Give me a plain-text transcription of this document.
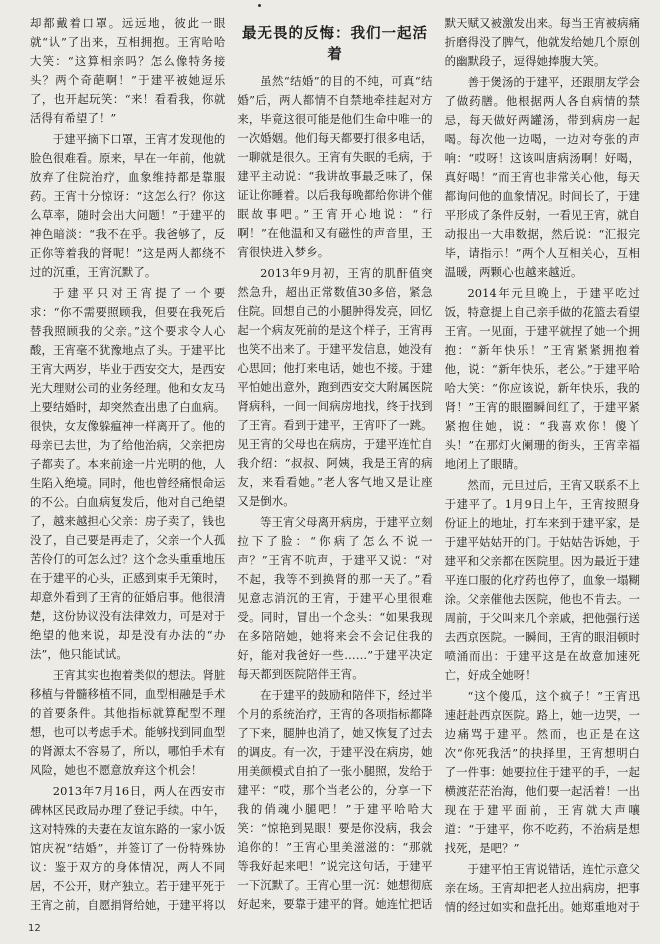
却都戴着口罩。远远地，彼此一眼就“认”了出来，互相拥抱。王宵哈哈大笑：“这算相亲吗？怎么像特务接头？两个奇葩啊！”于建平被她逗乐了，也开起玩笑：“来！看看我，你就活得有希望了！”

于建平摘下口罩，王宵才发现他的脸色很难看。原来，早在一年前，他就放弃了住院治疗，血象维持都是靠服药。王宵十分惊讶：“这怎么行？你这么草率，随时会出大问题！”于建平的神色暗淡：“我不在乎。我爸够了，反正你等着我的肾呢！”这是两人都绕不过的沉重，王宵沉默了。

于建平只对王宵提了一个要求：“你不需要照顾我，但要在我死后替我照顾我的父亲。”这个要求令人心酸，王宵毫不犹豫地点了头。于建平比王宵大两岁，毕业于西安交大，是西安光大理财公司的业务经理。他和女友马上要结婚时，却突然查出患了白血病。很快，女友像躲瘟神一样离开了。他的母亲已去世，为了给他治病，父亲把房子都卖了。本来前途一片光明的他，人生陷入绝境。同时，他也曾经痛恨命运的不公。白血病复发后，他对自己绝望了，越来越担心父亲：房子卖了，钱也没了，自己要是再走了，父亲一个人孤苦伶仃的可怎么过？这个念头重重地压在于建平的心头，正感到束手无策时，却意外看到了王宵的征婚启事。他很清楚，这份协议没有法律效力，可是对于绝望的他来说，却是没有办法的“办法”，他只能试试。

王宵其实也抱着类似的想法。肾脏移植与骨髓移植不同，血型相融是手术的首要条件。其他指标就算配型不理想，也可以考虑手术。能够找到同血型的肾源太不容易了，所以，哪怕手术有风险，她也不愿意放弃这个机会！

2013年7月16日，两人在西安市碑林区民政局办理了登记手续。中午，这对特殊的夫妻在友谊东路的一家小饭馆庆祝“结婚”，并签订了一份特殊协议：鉴于双方的身体情况，两人不同居，不公开，财产独立。若于建平死于王宵之前，自愿捐肾给她，于建平将以

最无畏的反悔：我们一起活着

虽然“结婚”的目的不纯，可真“结婚”后，两人都情不自禁地牵挂起对方来，毕竟这很可能是他们生命中唯一的一次婚姻。他们每天都要打很多电话，一聊就是很久。王宵有失眠的毛病，于建平主动说：“我讲故事最乏味了，保证让你睡着。以后我每晚都给你讲个催眠故事吧。”王宵开心地说：“行啊！”在他温和又有磁性的声音里，王宵很快进入梦乡。

2013年9月初，王宵的肌酐值突然急升，超出正常数值30多倍，紧急住院。回想自己的小腿肿得发亮，回忆起一个病友死前的是这个样子，王宵再也笑不出来了。于建平发信息，她没有心思回；他打来电话，她也不接。于建平怕她出意外，跑到西安交大附属医院肾病科，一间一间病房地找，终于找到了王宵。看到于建平，王宵吓了一跳。见王宵的父母也在病房，于建平连忙自我介绍：“叔叔、阿姨，我是王宵的病友，来看看她。”老人客气地又是让座又是倒水。

等王宵父母离开病房，于建平立刻拉下了脸：“你病了怎么不说一声？”王宵不吭声，于建平又说：“对不起，我等不到换肾的那一天了。”看见意志消沉的王宵，于建平心里很难受。同时，冒出一个念头：“如果我现在多陪陪她，她将来会不会记住我的好，能对我爸好一些……”于建平决定每天都到医院陪伴王宵。

在于建平的鼓励和陪伴下，经过半个月的系统治疗，王宵的各项指标都降了下来，腿肿也消了，她又恢复了过去的调皮。有一次，于建平没在病房，她用美颜模式自拍了一张小腿照，发给于建平：“哎，那个当老公的，分享一下我的俏魂小腿吧！”于建平哈哈大笑：“惊艳到晃眼！要是你没病，我会追你的！”王宵心里美滋滋的：“那就等我好起来吧！”说完这句话，于建平一下沉默了。王宵心里一沉：她想彻底好起来，要靠于建平的肾。她连忙把话

默天赋又被激发出来。每当王宵被病痛折磨得没了脾气，他就发给她几个原创的幽默段子，逗得她捧腹大笑。

善于煲汤的于建平，还跟朋友学会了做药膳。他根据两人各自病情的禁忌，每天做好两罐汤，带到病房一起喝。每次他一边喝，一边对夸张的声响：“哎呀！这该叫唐病汤啊！好喝，真好喝！”而王宵也非常关心他，每天都询问他的血象情况。时间长了，于建平形成了条件反射，一看见王宵，就自动报出一大串数据，然后说：“汇报完毕，请指示！”两个人互相关心，互相温暖，两颗心也越来越近。

2014年元旦晚上，于建平吃过饭，特意提上自己亲手做的花篮去看望王宵。一见面，于建平就捏了她一个拥抱：“新年快乐！”王宵紧紧拥抱着他，说：“新年快乐，老公。”于建平哈哈大笑：“你应该说，新年快乐，我的肾！”王宵的眼圈瞬间红了，于建平紧紧抱住她，说：“我喜欢你！傻丫头！”在那灯火阑珊的街头，王宵幸福地闭上了眼睛。

然而，元旦过后，王宵又联系不上于建平了。1月9日上午，王宵按照身份证上的地址，打车来到于建平家，是于建平姑姑开的门。于姑姑告诉她，于建平和父亲都在医院里。因为最近于建平连口服的化疗药也停了，血象一塌糊涂。父亲催他去医院，他也不肯去。一周前，于父叫来几个亲戚，把他强行送去西京医院。一瞬间，王宵的眼泪顿时喷涌而出：于建平这是在故意加速死亡，好成全她呀！

“这个傻瓜，这个疯子！”王宵迅速赶赴西京医院。路上，她一边哭，一边痛骂于建平。然而，也正是在这次“你死我活”的抉择里，王宵想明白了一件事：她要拉住于建平的手，一起横渡茫茫治海，他们要一起活着！一出现在于建平面前，王宵就大声嚷道：“于建平，你不吃药，不治病是想找死，是吧？”

于建平怕王宵说错话，连忙示意父亲在场。王宵却把老人拉出病房，把事情的经过如实和盘托出。她郑重地对于

12
